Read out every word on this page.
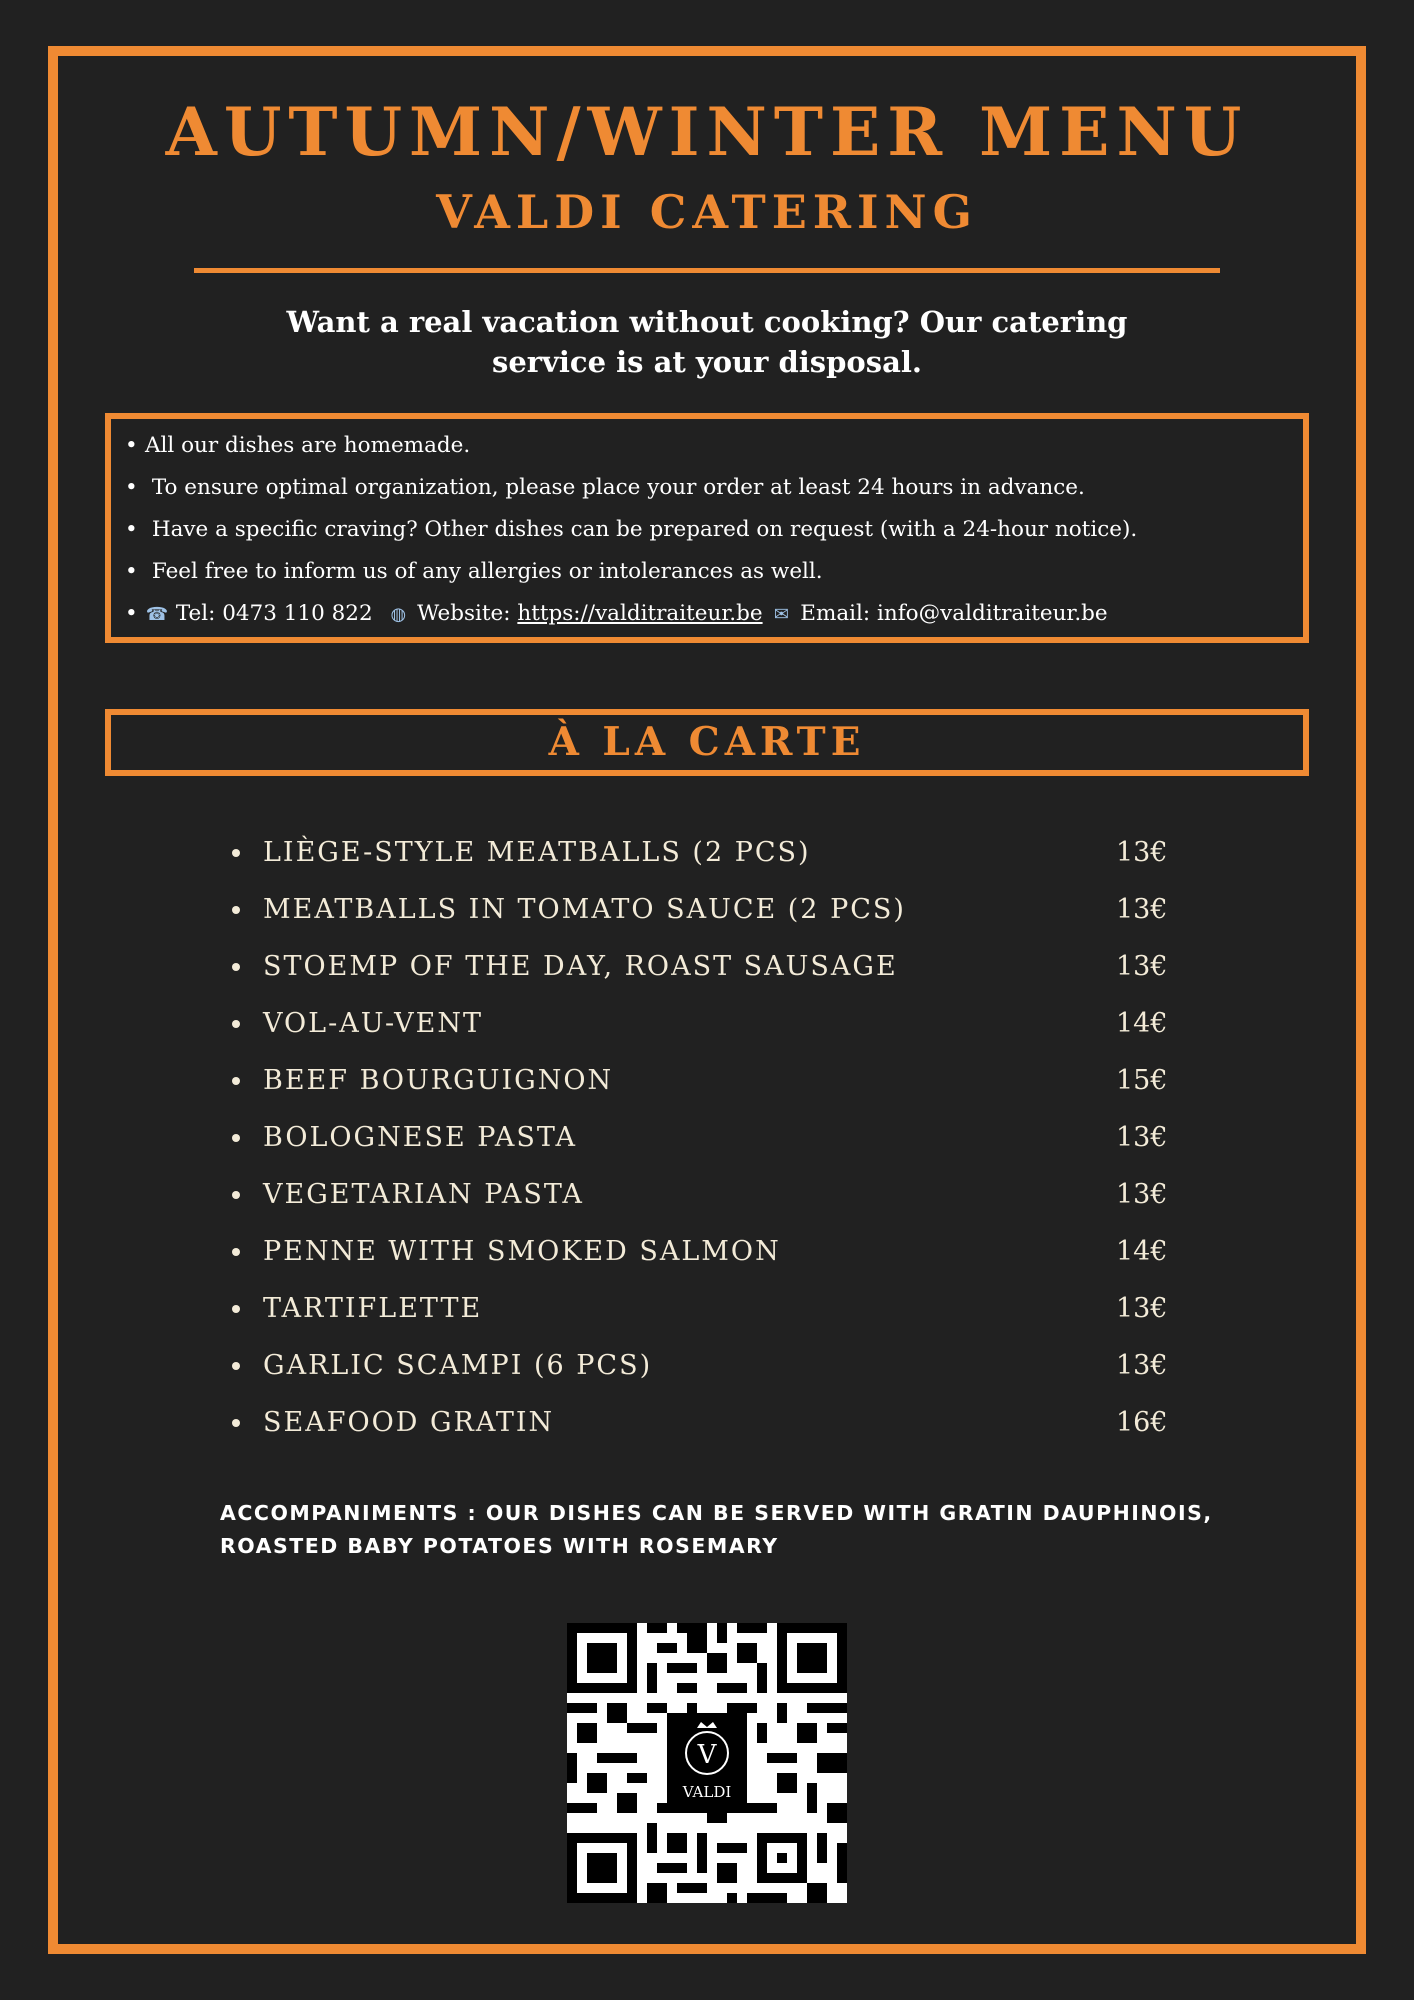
AUTUMN/WINTER MENU
VALDI CATERING

Want a real vacation without cooking? Our catering service is at your disposal.

• All our dishes are homemade.
• To ensure optimal organization, please place your order at least 24 hours in advance.
• Have a specific craving? Other dishes can be prepared on request (with a 24-hour notice).
• Feel free to inform us of any allergies or intolerances as well.
• ☎ Tel: 0473 110 822 ◍ Website: https://valditraiteur.be ✉ Email: info@valditraiteur.be
À LA CARTE
LIÈGE-STYLE MEATBALLS (2 PCS)	13€
MEATBALLS IN TOMATO SAUCE (2 PCS)	13€
STOEMP OF THE DAY, ROAST SAUSAGE	13€
VOL-AU-VENT	14€
BEEF BOURGUIGNON	15€
BOLOGNESE PASTA	13€
VEGETARIAN PASTA	13€
PENNE WITH SMOKED SALMON	14€
TARTIFLETTE	13€
GARLIC SCAMPI (6 PCS)	13€
SEAFOOD GRATIN	16€

ACCOMPANIMENTS : OUR DISHES CAN BE SERVED WITH GRATIN DAUPHINOIS, ROASTED BABY POTATOES WITH ROSEMARY

V
VALDI
